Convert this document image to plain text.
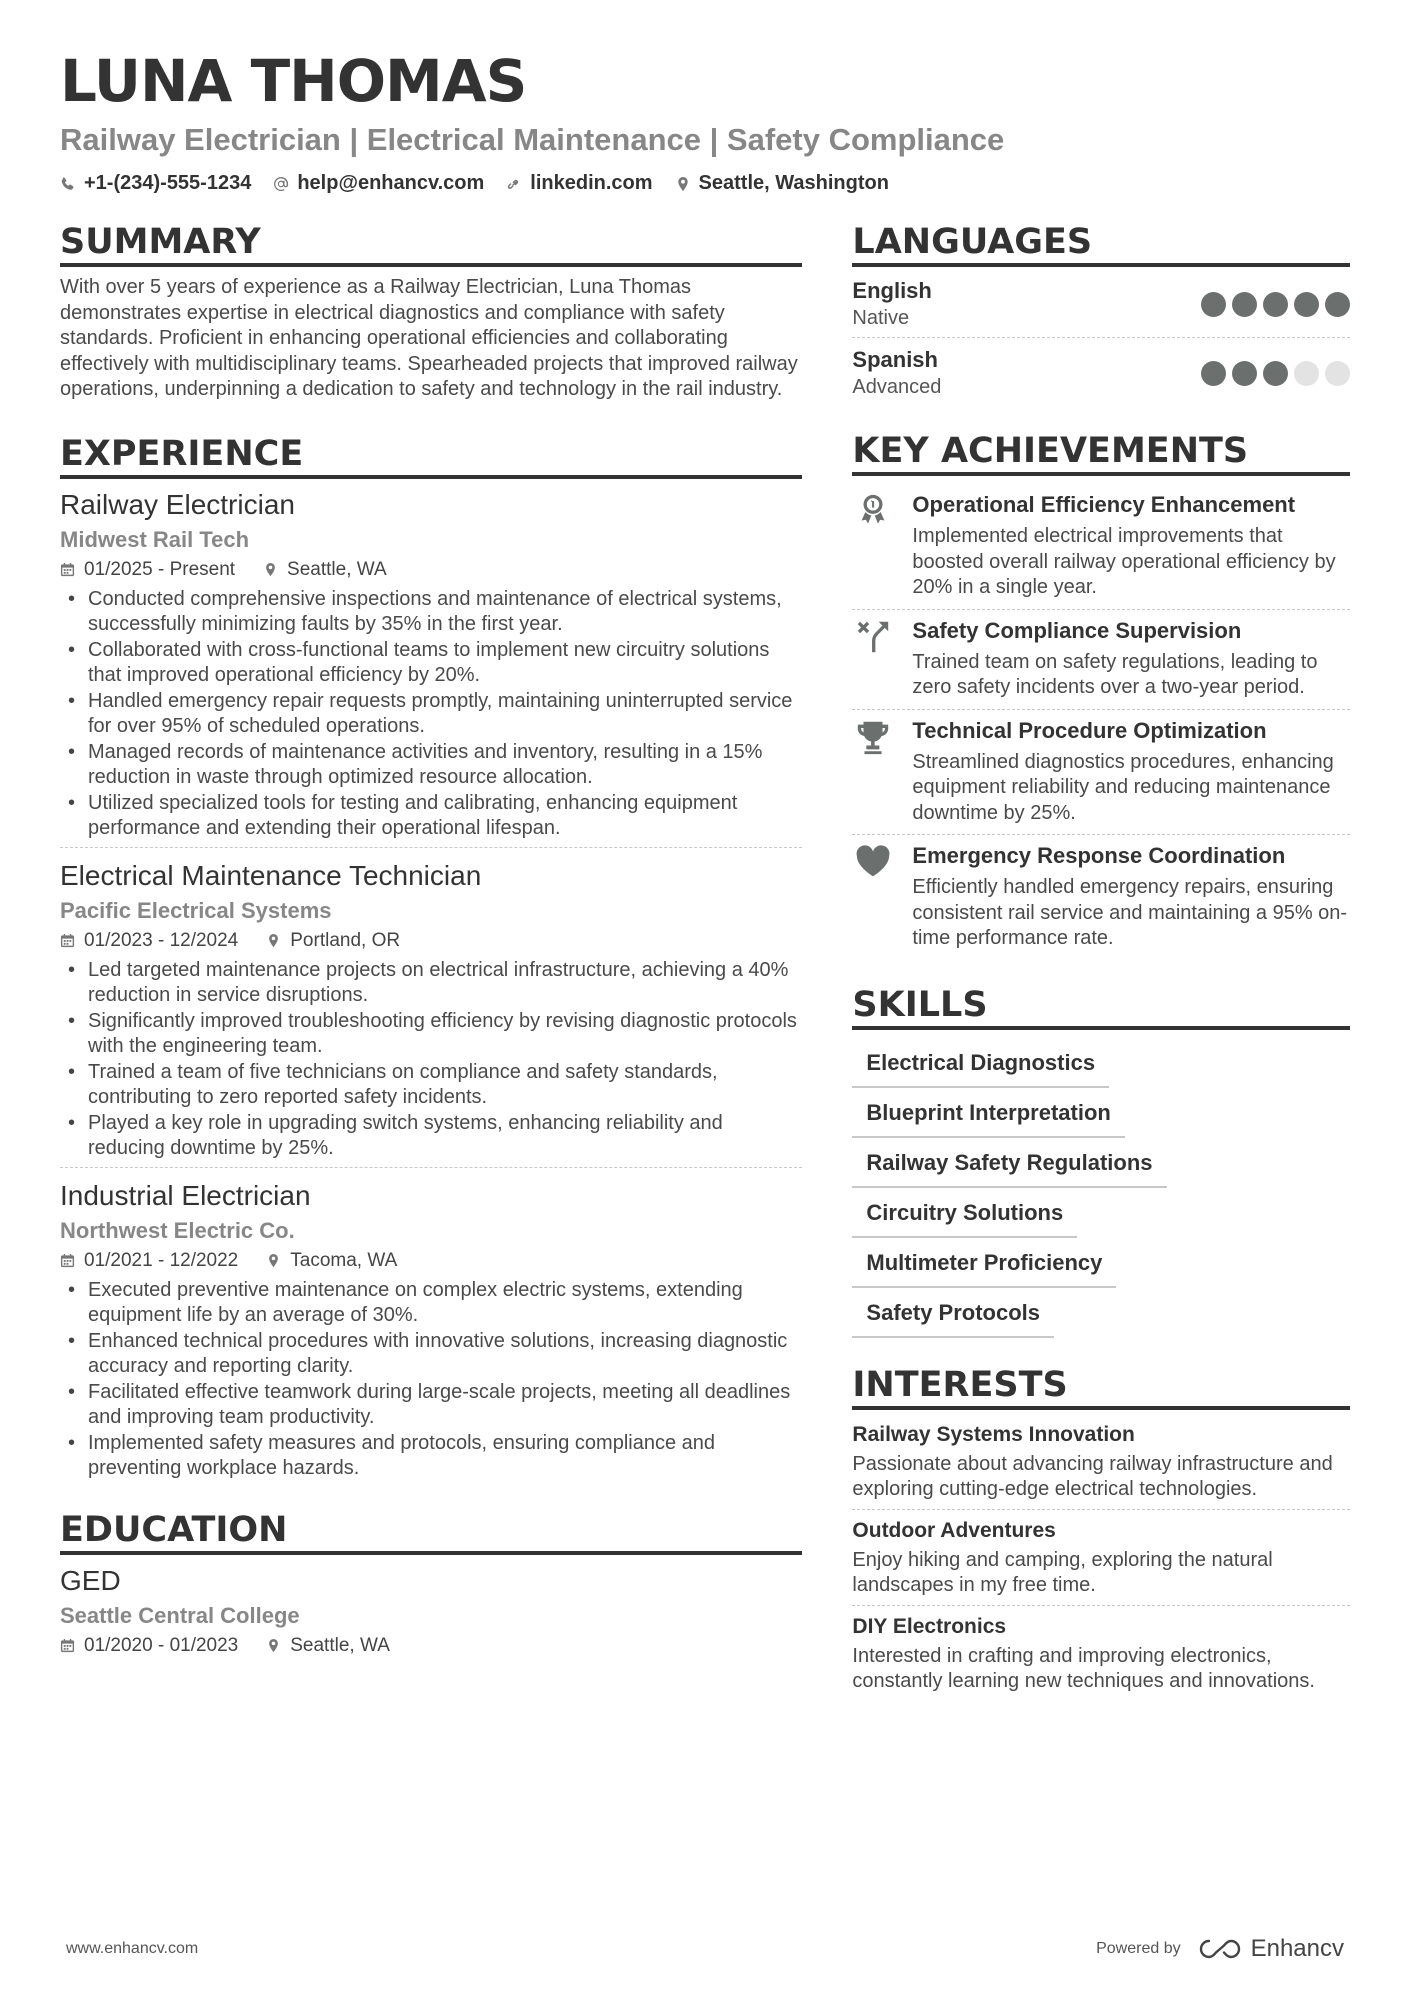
LUNA THOMAS
Railway Electrician | Electrical Maintenance | Safety Compliance
+1-(234)-555-1234 help@enhancv.com linkedin.com Seattle, Washington
SUMMARY
With over 5 years of experience as a Railway Electrician, Luna Thomas demonstrates expertise in electrical diagnostics and compliance with safety standards. Proficient in enhancing operational efficiencies and collaborating effectively with multidisciplinary teams. Spearheaded projects that improved railway operations, underpinning a dedication to safety and technology in the rail industry.
EXPERIENCE
Railway Electrician
Midwest Rail Tech
01/2025 - Present	Seattle, WA
• Conducted comprehensive inspections and maintenance of electrical systems, successfully minimizing faults by 35% in the first year.
• Collaborated with cross-functional teams to implement new circuitry solutions that improved operational efficiency by 20%.
• Handled emergency repair requests promptly, maintaining uninterrupted service for over 95% of scheduled operations.
• Managed records of maintenance activities and inventory, resulting in a 15% reduction in waste through optimized resource allocation.
• Utilized specialized tools for testing and calibrating, enhancing equipment performance and extending their operational lifespan.
Electrical Maintenance Technician
Pacific Electrical Systems
01/2023 - 12/2024	Portland, OR
• Led targeted maintenance projects on electrical infrastructure, achieving a 40% reduction in service disruptions.
• Significantly improved troubleshooting efficiency by revising diagnostic protocols with the engineering team.
• Trained a team of five technicians on compliance and safety standards, contributing to zero reported safety incidents.
• Played a key role in upgrading switch systems, enhancing reliability and reducing downtime by 25%.
Industrial Electrician
Northwest Electric Co.
01/2021 - 12/2022	Tacoma, WA
• Executed preventive maintenance on complex electric systems, extending equipment life by an average of 30%.
• Enhanced technical procedures with innovative solutions, increasing diagnostic accuracy and reporting clarity.
• Facilitated effective teamwork during large-scale projects, meeting all deadlines and improving team productivity.
• Implemented safety measures and protocols, ensuring compliance and preventing workplace hazards.
EDUCATION
GED
Seattle Central College
01/2020 - 01/2023	Seattle, WA
LANGUAGES
English
Native
Spanish
Advanced
KEY ACHIEVEMENTS
Operational Efficiency Enhancement
Implemented electrical improvements that boosted overall railway operational efficiency by 20% in a single year.
Safety Compliance Supervision
Trained team on safety regulations, leading to zero safety incidents over a two-year period.
Technical Procedure Optimization
Streamlined diagnostics procedures, enhancing equipment reliability and reducing maintenance downtime by 25%.
Emergency Response Coordination
Efficiently handled emergency repairs, ensuring consistent rail service and maintaining a 95% on-time performance rate.
SKILLS
Electrical Diagnostics
Blueprint Interpretation
Railway Safety Regulations
Circuitry Solutions
Multimeter Proficiency
Safety Protocols
INTERESTS
Railway Systems Innovation
Passionate about advancing railway infrastructure and exploring cutting-edge electrical technologies.
Outdoor Adventures
Enjoy hiking and camping, exploring the natural landscapes in my free time.
DIY Electronics
Interested in crafting and improving electronics, constantly learning new techniques and innovations.
www.enhancv.com	Powered by	Enhancv
